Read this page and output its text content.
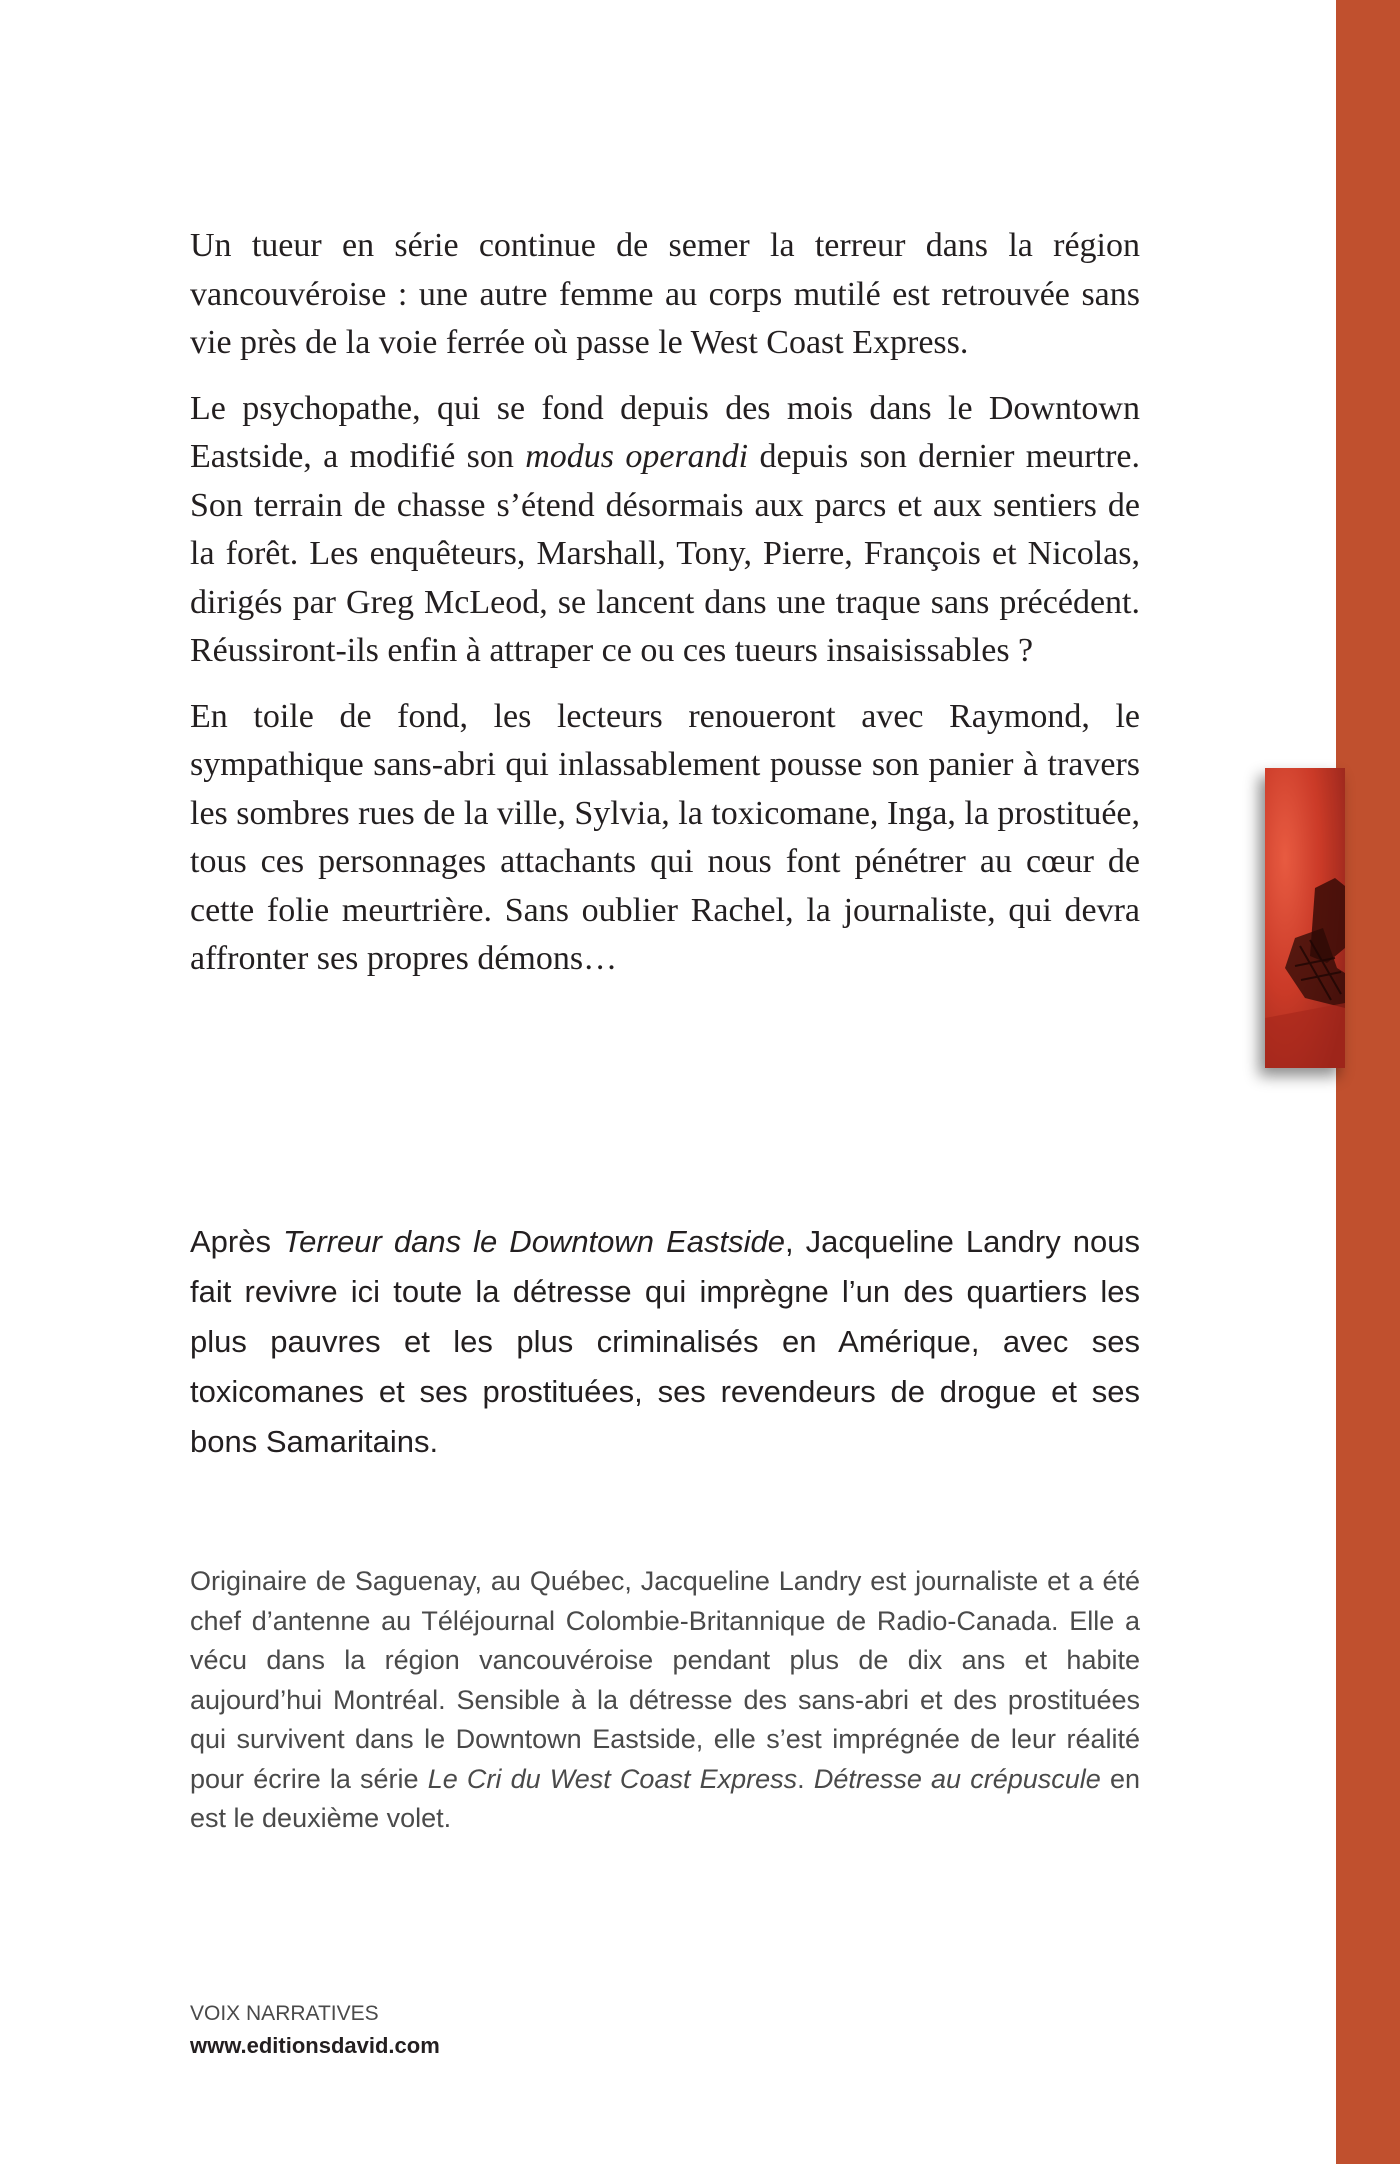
Un tueur en série continue de semer la terreur dans la région vancouvéroise : une autre femme au corps mutilé est retrouvée sans vie près de la voie ferrée où passe le West Coast Express.

Le psychopathe, qui se fond depuis des mois dans le Downtown Eastside, a modifié son modus operandi depuis son dernier meurtre. Son terrain de chasse s’étend désormais aux parcs et aux sentiers de la forêt. Les enquêteurs, Marshall, Tony, Pierre, François et Nicolas, dirigés par Greg McLeod, se lancent dans une traque sans précédent. Réussiront-ils enfin à attraper ce ou ces tueurs insaisissables ?

En toile de fond, les lecteurs renoueront avec Raymond, le sympathique sans-abri qui inlassablement pousse son panier à travers les sombres rues de la ville, Sylvia, la toxicomane, Inga, la prostituée, tous ces personnages attachants qui nous font pénétrer au cœur de cette folie meurtrière. Sans oublier Rachel, la journaliste, qui devra affronter ses propres démons…

Après Terreur dans le Downtown Eastside, Jacqueline Landry nous fait revivre ici toute la détresse qui imprègne l’un des quartiers les plus pauvres et les plus criminalisés en Amérique, avec ses toxicomanes et ses prostituées, ses revendeurs de drogue et ses bons Samaritains.

Originaire de Saguenay, au Québec, Jacqueline Landry est journaliste et a été chef d’antenne au Téléjournal Colombie-Britannique de Radio-Canada. Elle a vécu dans la région vancouvéroise pendant plus de dix ans et habite aujourd’hui Montréal. Sensible à la détresse des sans-abri et des prostituées qui survivent dans le Downtown Eastside, elle s’est imprégnée de leur réalité pour écrire la série Le Cri du West Coast Express. Détresse au crépuscule en est le deuxième volet.

VOIX NARRATIVES
www.editionsdavid.com
